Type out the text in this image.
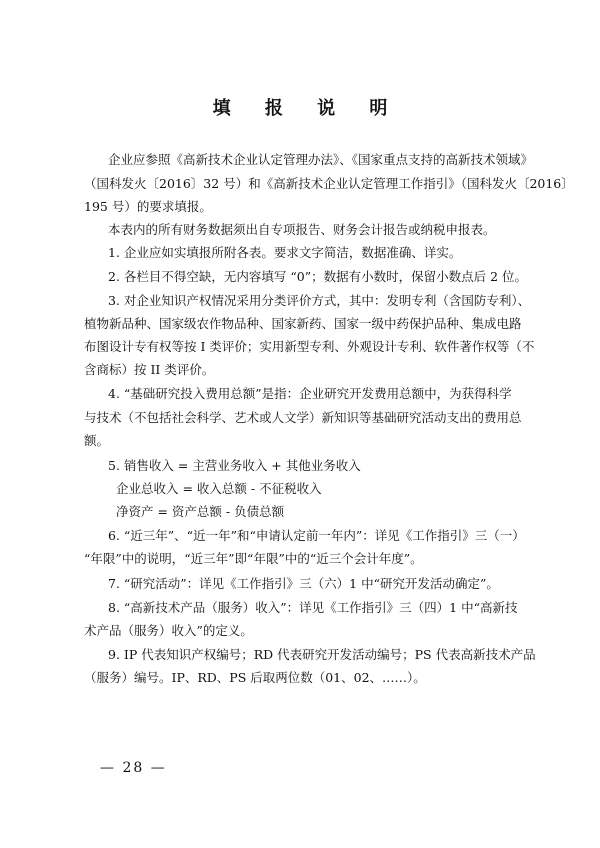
填 报 说 明
企业应参照《高新技术企业认定管理办法》、《国家重点支持的高新技术领域》
（国科发火〔2016〕32 号）和《高新技术企业认定管理工作指引》（国科发火〔2016〕
195 号）的要求填报。
本表内的所有财务数据须出自专项报告、财务会计报告或纳税申报表。
1. 企业应如实填报所附各表。要求文字简洁，数据准确、详实。
2. 各栏目不得空缺，无内容填写 “0”；数据有小数时，保留小数点后 2 位。
3. 对企业知识产权情况采用分类评价方式，其中：发明专利（含国防专利）、
植物新品种、国家级农作物品种、国家新药、国家一级中药保护品种、集成电路
布图设计专有权等按 I 类评价；实用新型专利、外观设计专利、软件著作权等（不
含商标）按 II 类评价。
4. “基础研究投入费用总额”是指：企业研究开发费用总额中，为获得科学
与技术（不包括社会科学、艺术或人文学）新知识等基础研究活动支出的费用总
额。
5. 销售收入 = 主营业务收入 + 其他业务收入
企业总收入 = 收入总额 - 不征税收入
净资产 = 资产总额 - 负债总额
6. “近三年”、“近一年”和“申请认定前一年内”：详见《工作指引》三（一）
“年限”中的说明，“近三年”即“年限”中的“近三个会计年度”。
7. “研究活动”：详见《工作指引》三（六）1 中“研究开发活动确定”。
8. “高新技术产品（服务）收入”：详见《工作指引》三（四）1 中“高新技
术产品（服务）收入”的定义。
9. IP 代表知识产权编号；RD 代表研究开发活动编号；PS 代表高新技术产品
（服务）编号。IP、RD、PS 后取两位数（01、02、……）。
— 28 —
